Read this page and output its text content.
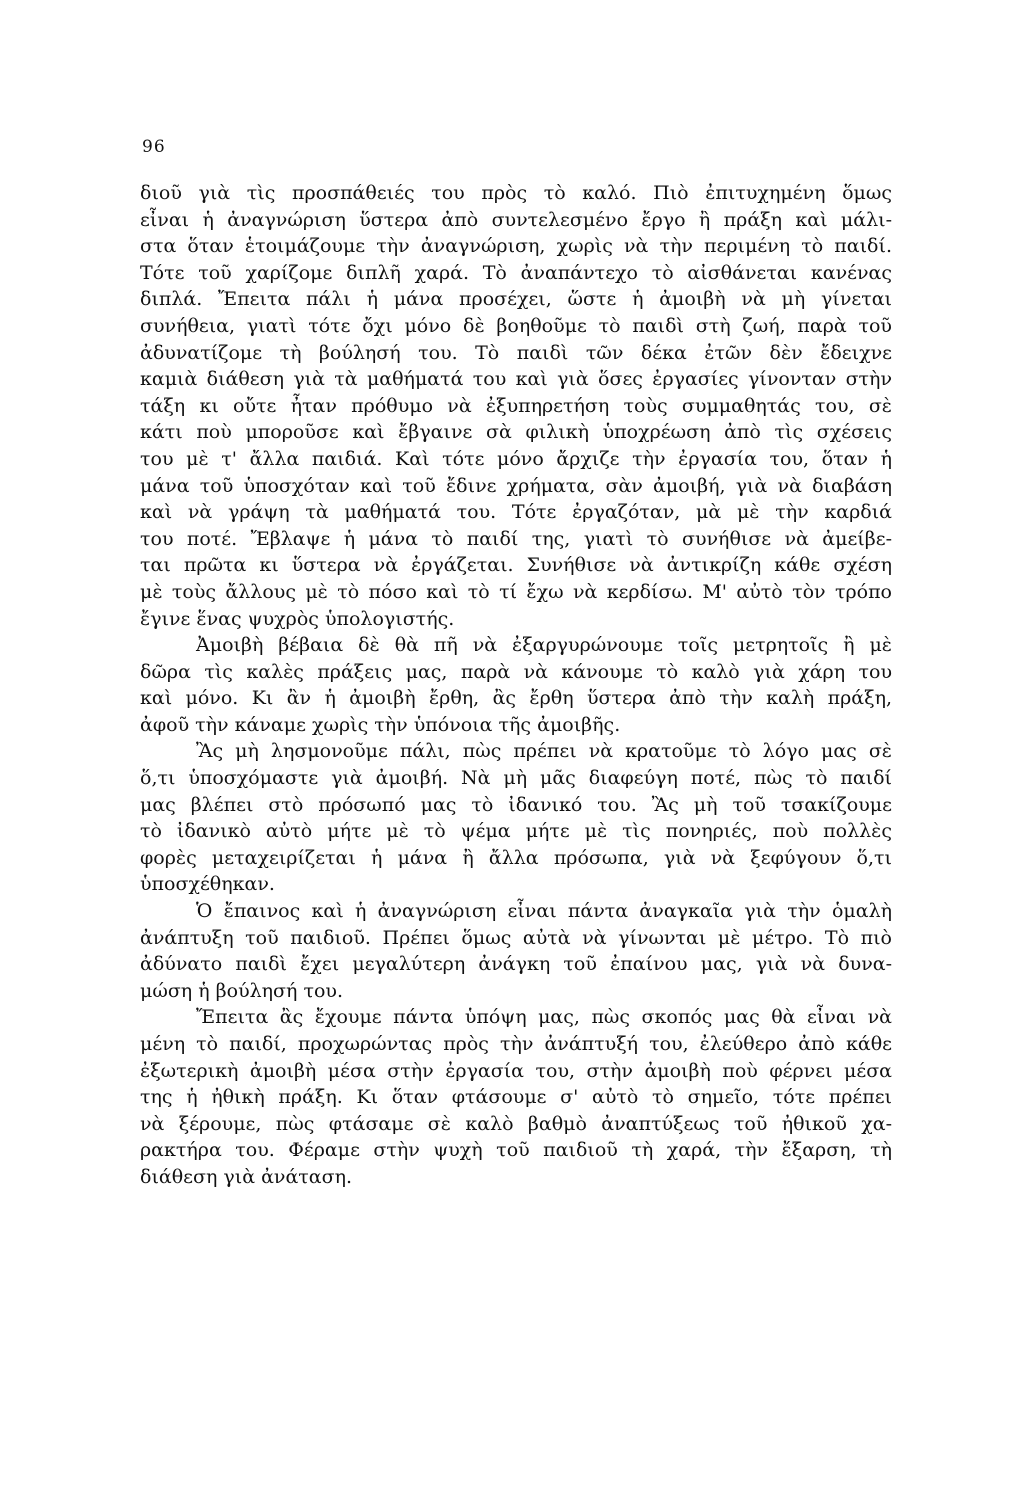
96
διοῦ γιὰ τὶς προσπάθειές του πρὸς τὸ καλό. Πιὸ ἐπιτυχημένη ὅμως
εἶναι ἡ ἀναγνώριση ὕστερα ἀπὸ συντελεσμένο ἔργο ἢ πράξη καὶ μάλι-
στα ὅταν ἑτοιμάζουμε τὴν ἀναγνώριση, χωρὶς νὰ τὴν περιμένη τὸ παιδί.
Τότε τοῦ χαρίζομε διπλῆ χαρά. Τὸ ἀναπάντεχο τὸ αἰσθάνεται κανένας
διπλά. Ἔπειτα πάλι ἡ μάνα προσέχει, ὥστε ἡ ἀμοιβὴ νὰ μὴ γίνεται
συνήθεια, γιατὶ τότε ὄχι μόνο δὲ βοηθοῦμε τὸ παιδὶ στὴ ζωή, παρὰ τοῦ
ἀδυνατίζομε τὴ βούλησή του. Τὸ παιδὶ τῶν δέκα ἐτῶν δὲν ἔδειχνε
καμιὰ διάθεση γιὰ τὰ μαθήματά του καὶ γιὰ ὅσες ἐργασίες γίνονταν στὴν
τάξη κι οὔτε ἦταν πρόθυμο νὰ ἐξυπηρετήση τοὺς συμμαθητάς του, σὲ
κάτι ποὺ μποροῦσε καὶ ἔβγαινε σὰ φιλικὴ ὑποχρέωση ἀπὸ τὶς σχέσεις
του μὲ τ' ἄλλα παιδιά. Καὶ τότε μόνο ἄρχιζε τὴν ἐργασία του, ὅταν ἡ
μάνα τοῦ ὑποσχόταν καὶ τοῦ ἔδινε χρήματα, σὰν ἀμοιβή, γιὰ νὰ διαβάση
καὶ νὰ γράψη τὰ μαθήματά του. Τότε ἐργαζόταν, μὰ μὲ τὴν καρδιά
του ποτέ. Ἔβλαψε ἡ μάνα τὸ παιδί της, γιατὶ τὸ συνήθισε νὰ ἀμείβε-
ται πρῶτα κι ὕστερα νὰ ἐργάζεται. Συνήθισε νὰ ἀντικρίζη κάθε σχέση
μὲ τοὺς ἄλλους μὲ τὸ πόσο καὶ τὸ τί ἔχω νὰ κερδίσω. Μ' αὐτὸ τὸν τρόπο
ἔγινε ἕνας ψυχρὸς ὑπολογιστής.
Ἀμοιβὴ βέβαια δὲ θὰ πῆ νὰ ἐξαργυρώνουμε τοῖς μετρητοῖς ἢ μὲ
δῶρα τὶς καλὲς πράξεις μας, παρὰ νὰ κάνουμε τὸ καλὸ γιὰ χάρη του
καὶ μόνο. Κι ἂν ἡ ἀμοιβὴ ἔρθη, ἂς ἔρθη ὕστερα ἀπὸ τὴν καλὴ πράξη,
ἀφοῦ τὴν κάναμε χωρὶς τὴν ὑπόνοια τῆς ἀμοιβῆς.
Ἂς μὴ λησμονοῦμε πάλι, πὼς πρέπει νὰ κρατοῦμε τὸ λόγο μας σὲ
ὅ,τι ὑποσχόμαστε γιὰ ἀμοιβή. Νὰ μὴ μᾶς διαφεύγη ποτέ, πὼς τὸ παιδί
μας βλέπει στὸ πρόσωπό μας τὸ ἰδανικό του. Ἂς μὴ τοῦ τσακίζουμε
τὸ ἰδανικὸ αὐτὸ μήτε μὲ τὸ ψέμα μήτε μὲ τὶς πονηριές, ποὺ πολλὲς
φορὲς μεταχειρίζεται ἡ μάνα ἢ ἄλλα πρόσωπα, γιὰ νὰ ξεφύγουν ὅ,τι
ὑποσχέθηκαν.
Ὁ ἔπαινος καὶ ἡ ἀναγνώριση εἶναι πάντα ἀναγκαῖα γιὰ τὴν ὁμαλὴ
ἀνάπτυξη τοῦ παιδιοῦ. Πρέπει ὅμως αὐτὰ νὰ γίνωνται μὲ μέτρο. Τὸ πιὸ
ἀδύνατο παιδὶ ἔχει μεγαλύτερη ἀνάγκη τοῦ ἐπαίνου μας, γιὰ νὰ δυνα-
μώση ἡ βούλησή του.
Ἔπειτα ἂς ἔχουμε πάντα ὑπόψη μας, πὼς σκοπός μας θὰ εἶναι νὰ
μένη τὸ παιδί, προχωρώντας πρὸς τὴν ἀνάπτυξή του, ἐλεύθερο ἀπὸ κάθε
ἐξωτερικὴ ἀμοιβὴ μέσα στὴν ἐργασία του, στὴν ἀμοιβὴ ποὺ φέρνει μέσα
της ἡ ἠθικὴ πράξη. Κι ὅταν φτάσουμε σ' αὐτὸ τὸ σημεῖο, τότε πρέπει
νὰ ξέρουμε, πὼς φτάσαμε σὲ καλὸ βαθμὸ ἀναπτύξεως τοῦ ἠθικοῦ χα-
ρακτήρα του. Φέραμε στὴν ψυχὴ τοῦ παιδιοῦ τὴ χαρά, τὴν ἔξαρση, τὴ
διάθεση γιὰ ἀνάταση.
